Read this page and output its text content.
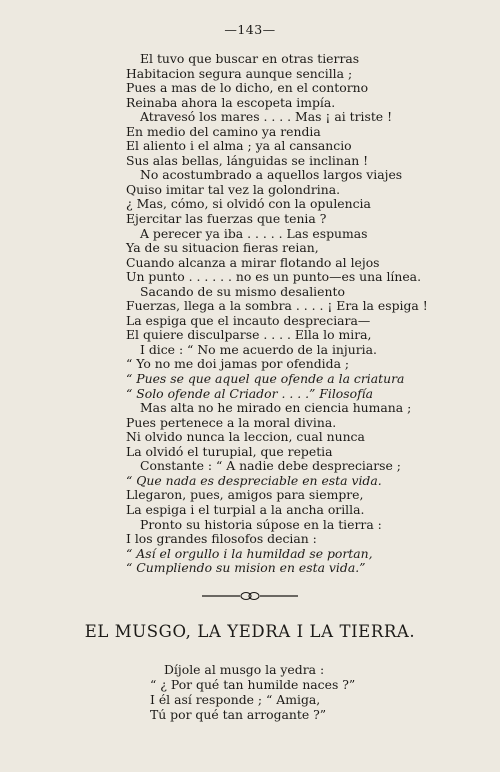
—143—
El tuvo que buscar en otras tierras
Habitacion segura aunque sencilla ;
Pues a mas de lo dicho, en el contorno
Reinaba ahora la escopeta impía.
Atravesó los mares . . . . Mas ¡ ai triste !
En medio del camino ya rendia
El aliento i el alma ; ya al cansancio
Sus alas bellas, lánguidas se inclinan !
No acostumbrado a aquellos largos viajes
Quiso imitar tal vez la golondrina.
¿ Mas, cómo, si olvidó con la opulencia
Ejercitar las fuerzas que tenia ?
A perecer ya iba . . . . . Las espumas
Ya de su situacion fieras reian,
Cuando alcanza a mirar flotando al lejos
Un punto . . . . . . no es un punto—es una línea.
Sacando de su mismo desaliento
Fuerzas, llega a la sombra . . . . ¡ Era la espiga !
La espiga que el incauto despreciara—
El quiere disculparse . . . . Ella lo mira,
I dice : “ No me acuerdo de la injuria.
“ Yo no me doi jamas por ofendida ;
“ Pues se que aquel que ofende a la criatura
“ Solo ofende al Criador . . . .” Filosofía
Mas alta no he mirado en ciencia humana ;
Pues pertenece a la moral divina.
Ni olvido nunca la leccion, cual nunca
La olvidó el turupial, que repetia
Constante : “ A nadie debe despreciarse ;
“ Que nada es despreciable en esta vida.
Llegaron, pues, amigos para siempre,
La espiga i el turpial a la ancha orilla.
Pronto su historia súpose en la tierra :
I los grandes filosofos decian :
“ Así el orgullo i la humildad se portan,
“ Cumpliendo su mision en esta vida.”
EL MUSGO, LA YEDRA I LA TIERRA.
Díjole al musgo la yedra :
“ ¿ Por qué tan humilde naces ?”
I él así responde ; “ Amiga,
Tú por qué tan arrogante ?”
